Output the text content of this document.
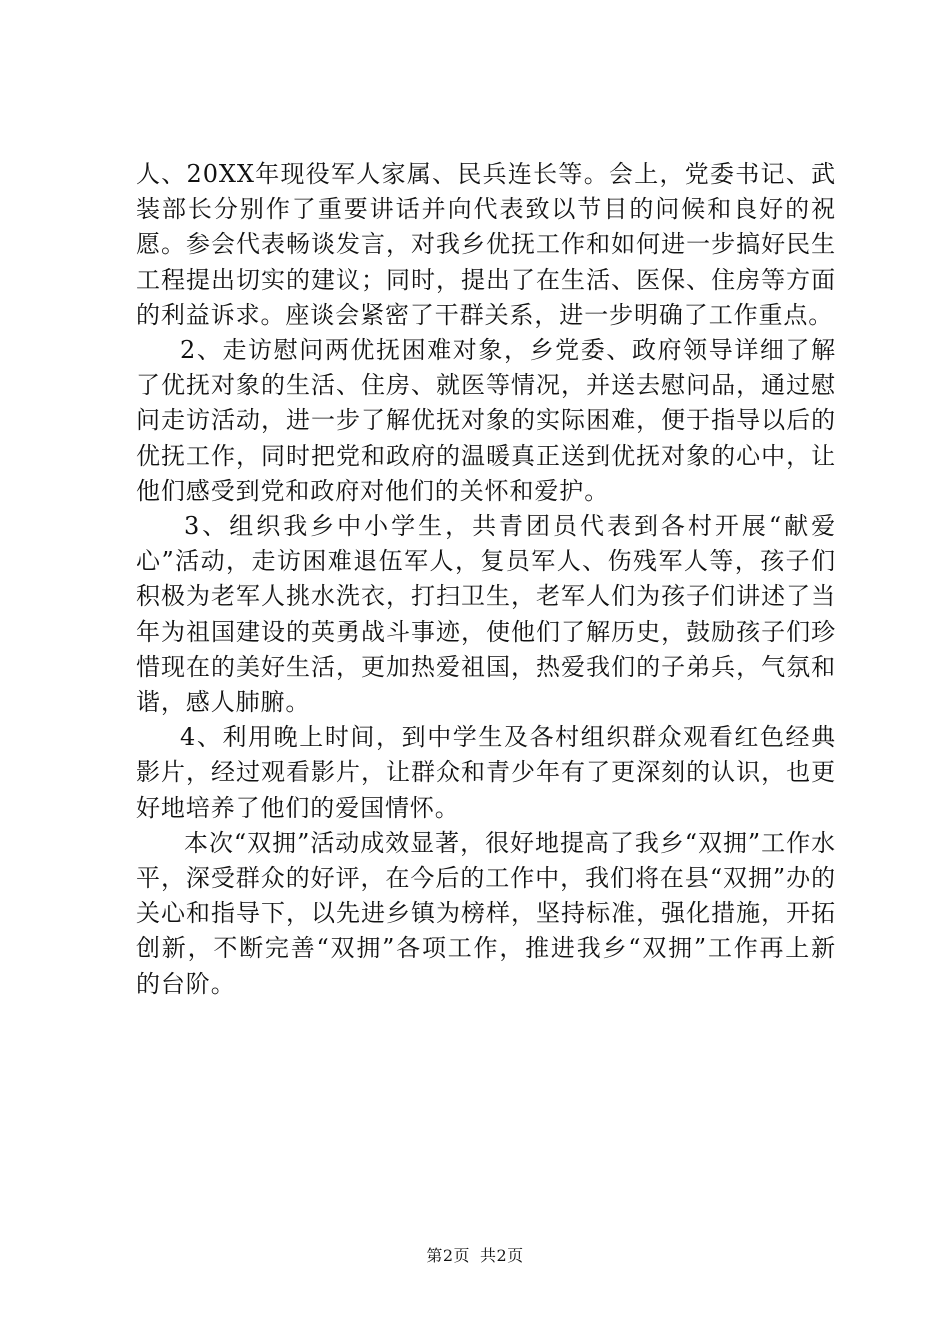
人、20XX年现役军人家属、民兵连长等。会上，党委书记、武装部长分别作了重要讲话并向代表致以节目的问候和良好的祝愿。参会代表畅谈发言，对我乡优抚工作和如何进一步搞好民生工程提出切实的建议；同时，提出了在生活、医保、住房等方面的利益诉求。座谈会紧密了干群关系，进一步明确了工作重点。

2、走访慰问两优抚困难对象，乡党委、政府领导详细了解了优抚对象的生活、住房、就医等情况，并送去慰问品，通过慰问走访活动，进一步了解优抚对象的实际困难，便于指导以后的优抚工作，同时把党和政府的温暖真正送到优抚对象的心中，让他们感受到党和政府对他们的关怀和爱护。

3、组织我乡中小学生，共青团员代表到各村开展“献爱心”活动，走访困难退伍军人，复员军人、伤残军人等，孩子们积极为老军人挑水洗衣，打扫卫生，老军人们为孩子们讲述了当年为祖国建设的英勇战斗事迹，使他们了解历史，鼓励孩子们珍惜现在的美好生活，更加热爱祖国，热爱我们的子弟兵，气氛和谐，感人肺腑。

4、利用晚上时间，到中学生及各村组织群众观看红色经典影片，经过观看影片，让群众和青少年有了更深刻的认识，也更好地培养了他们的爱国情怀。

本次“双拥”活动成效显著，很好地提高了我乡“双拥”工作水平，深受群众的好评，在今后的工作中，我们将在县“双拥”办的关心和指导下，以先进乡镇为榜样，坚持标准，强化措施，开拓创新，不断完善“双拥”各项工作，推进我乡“双拥”工作再上新的台阶。

第2页 共2页
